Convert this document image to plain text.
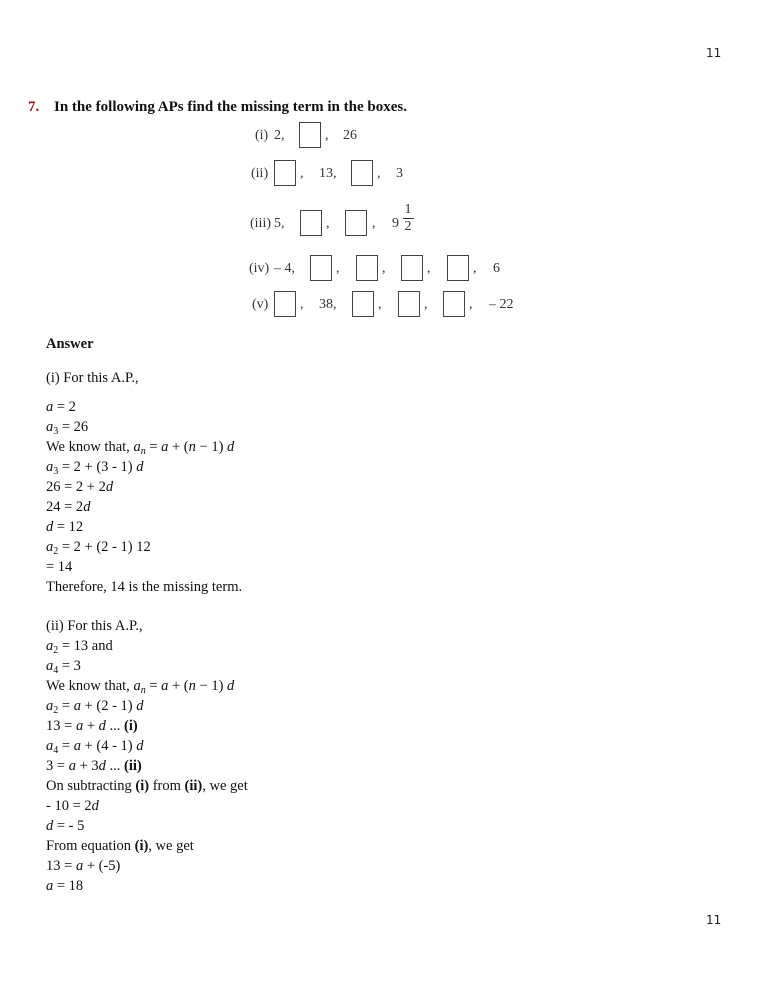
11
7. In the following APs find the missing term in the boxes.
(i) 2,	, 26
(ii) , 13,	, 3
(iii) 5,	,	, 9
1
2
(iv) – 4,	,	,	,	, 6
(v) , 38,	,	,	, – 22
Answer
(i) For this A.P.,
a = 2
$a_3 = 26$
We know that, $a_n = a + (n - 1)$ d
$a_3 = 2 + (3 - 1)$ d
26 = 2 + 2d
24 = 2d
d = 12
$a_2 = 2 + (2 - 1)$ 12
= 14
Therefore, 14 is the missing term.
(ii) For this A.P.,
$a_2 = 13$ and
$a_4 = 3$
We know that, $a_n = a + (n - 1)$ d
$a_2 = a + (2 - 1)$ d
13 = a + d ... (i)
$a_4 = a + (4 - 1)$ d
3 = a + 3d ... (ii)
On subtracting (i) from (ii), we get
- 10 = 2d
d = - 5
From equation (i), we get
13 = a + (-5)
a = 18
11
